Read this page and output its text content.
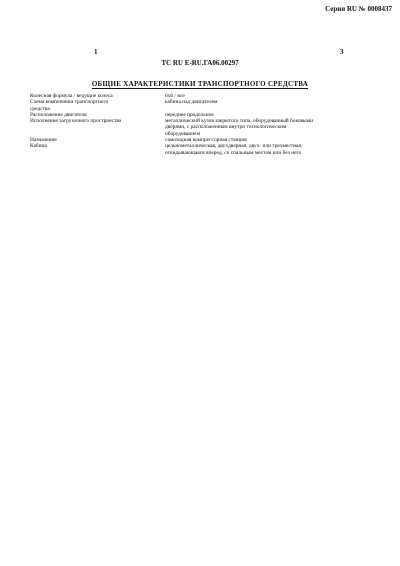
Серия RU № 0008437
1	3
TC RU E-RU.ГА06.00297
ОБЩИЕ ХАРАКТЕРИСТИКИ ТРАНСПОРТНОГО СРЕДСТВА
Колесная формула / ведущие колеса	6x6 / все
Схема компоновки транспортного	кабина над двигателем
средства
Расположение двигателя	переднее продольное
Исполнение загрузочного пространства	металлический кузов закрытого типа, оборудованный боковыми
дверями, с расположенным внутри технологическим
оборудованием
Назначение	самоходная компрессорная станция
Кабина	цельнометаллическая, двухдверная, двух- или трехместная,
откидывающаяся вперед, со спальным местом или без него
